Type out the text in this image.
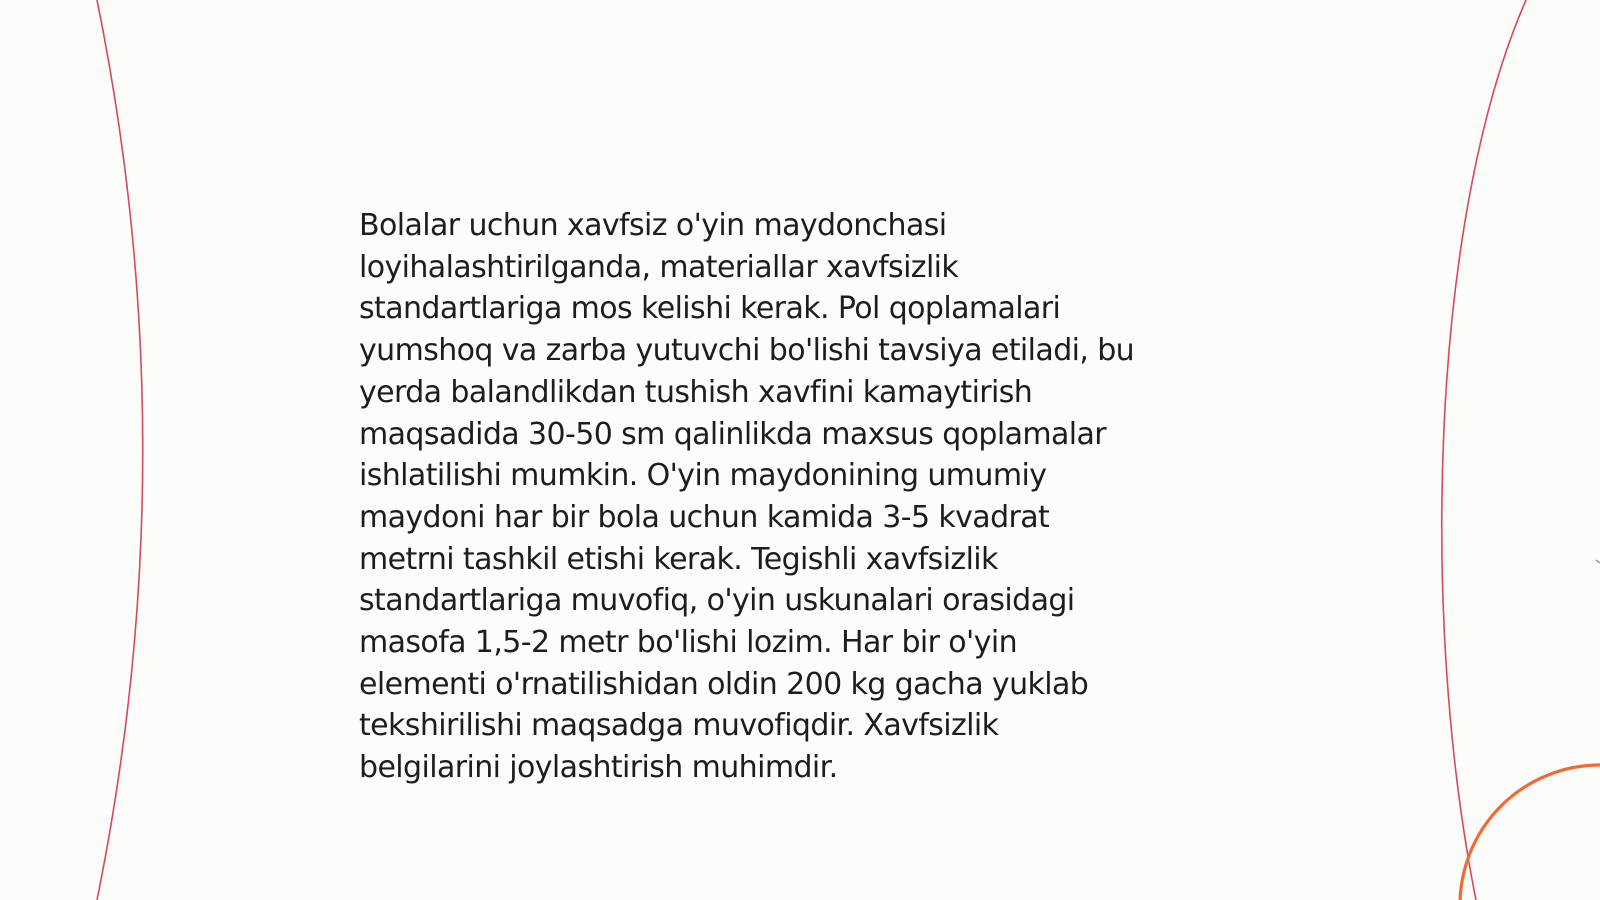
Bolalar uchun xavfsiz o'yin maydonchasi
loyihalashtirilganda, materiallar xavfsizlik
standartlariga mos kelishi kerak. Pol qoplamalari
yumshoq va zarba yutuvchi bo'lishi tavsiya etiladi, bu
yerda balandlikdan tushish xavfini kamaytirish
maqsadida 30-50 sm qalinlikda maxsus qoplamalar
ishlatilishi mumkin. O'yin maydonining umumiy
maydoni har bir bola uchun kamida 3-5 kvadrat
metrni tashkil etishi kerak. Tegishli xavfsizlik
standartlariga muvofiq, o'yin uskunalari orasidagi
masofa 1,5-2 metr bo'lishi lozim. Har bir o'yin
elementi o'rnatilishidan oldin 200 kg gacha yuklab
tekshirilishi maqsadga muvofiqdir. Xavfsizlik
belgilarini joylashtirish muhimdir.
